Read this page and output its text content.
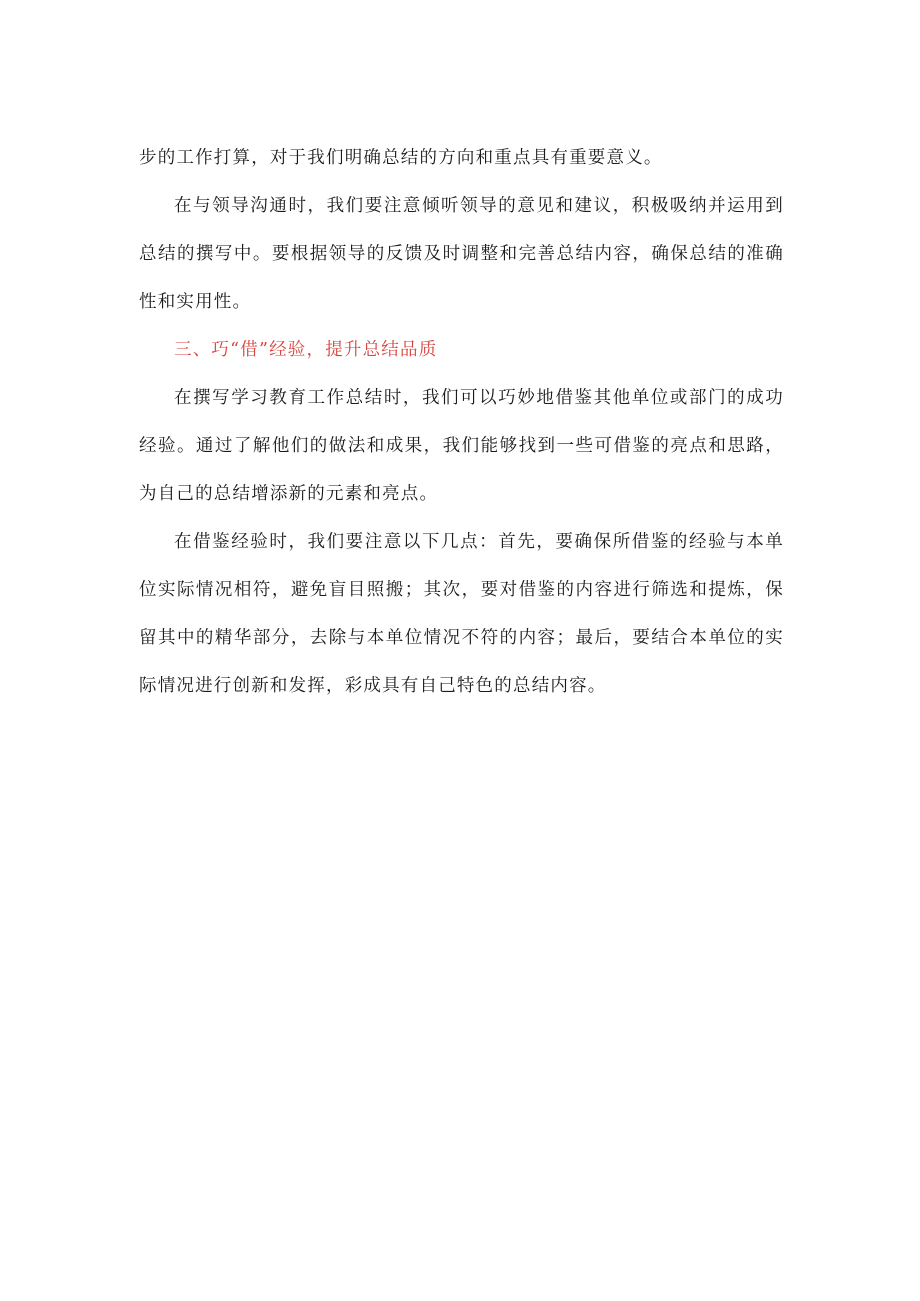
步的工作打算，对于我们明确总结的方向和重点具有重要意义。

在与领导沟通时，我们要注意倾听领导的意见和建议，积极吸纳并运用到总结的撰写中。要根据领导的反馈及时调整和完善总结内容，确保总结的准确性和实用性。

三、巧“借”经验，提升总结品质

在撰写学习教育工作总结时，我们可以巧妙地借鉴其他单位或部门的成功经验。通过了解他们的做法和成果，我们能够找到一些可借鉴的亮点和思路，为自己的总结增添新的元素和亮点。

在借鉴经验时，我们要注意以下几点：首先，要确保所借鉴的经验与本单位实际情况相符，避免盲目照搬；其次，要对借鉴的内容进行筛选和提炼，保留其中的精华部分，去除与本单位情况不符的内容；最后，要结合本单位的实际情况进行创新和发挥，彩成具有自己特色的总结内容。
